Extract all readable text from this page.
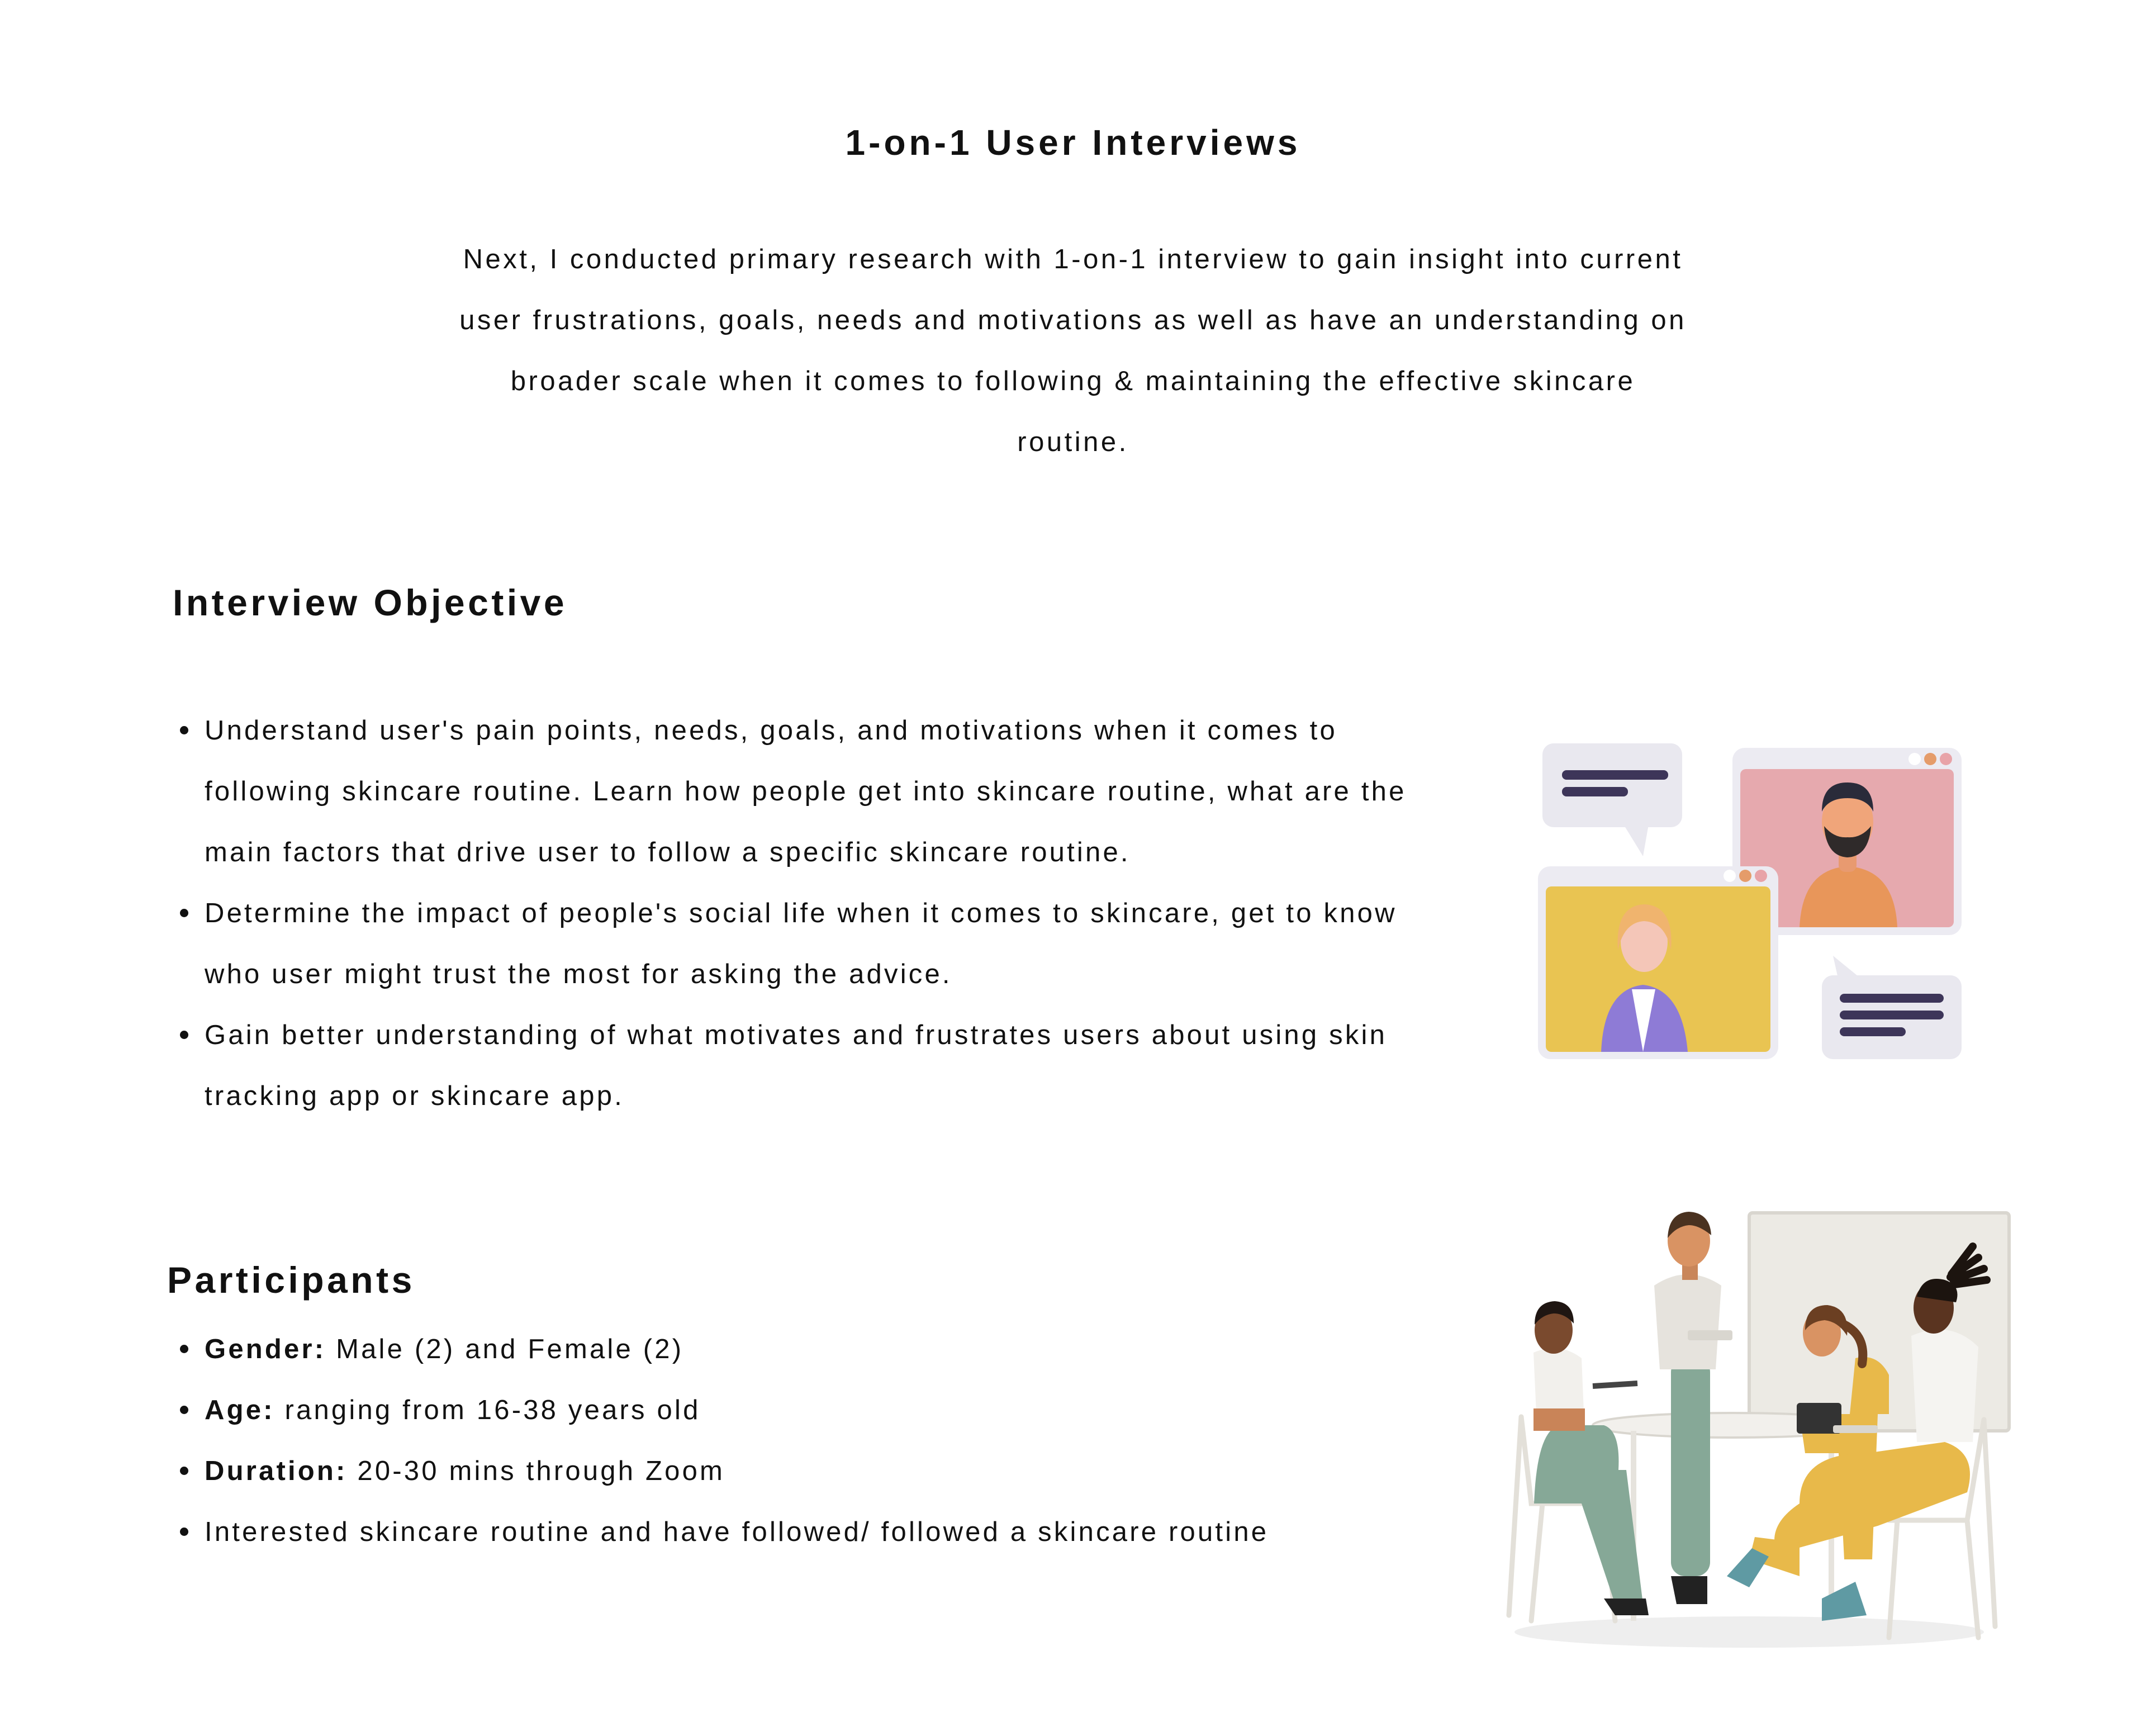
1-on-1 User Interviews

Next, I conducted primary research with 1-on-1 interview to gain insight into current
user frustrations, goals, needs and motivations as well as have an understanding on
broader scale when it comes to following & maintaining the effective skincare
routine.

Interview Objective
Understand user's pain points, needs, goals, and motivations when it comes to following skincare routine. Learn how people get into skincare routine, what are the main factors that drive user to follow a specific skincare routine.
Determine the impact of people's social life when it comes to skincare, get to know who user might trust the most for asking the advice.
Gain better understanding of what motivates and frustrates users about using skin tracking app or skincare app.
Participants
Gender: Male (2) and Female (2)
Age: ranging from 16-38 years old
Duration: 20-30 mins through Zoom
Interested skincare routine and have followed/ followed a skincare routine
